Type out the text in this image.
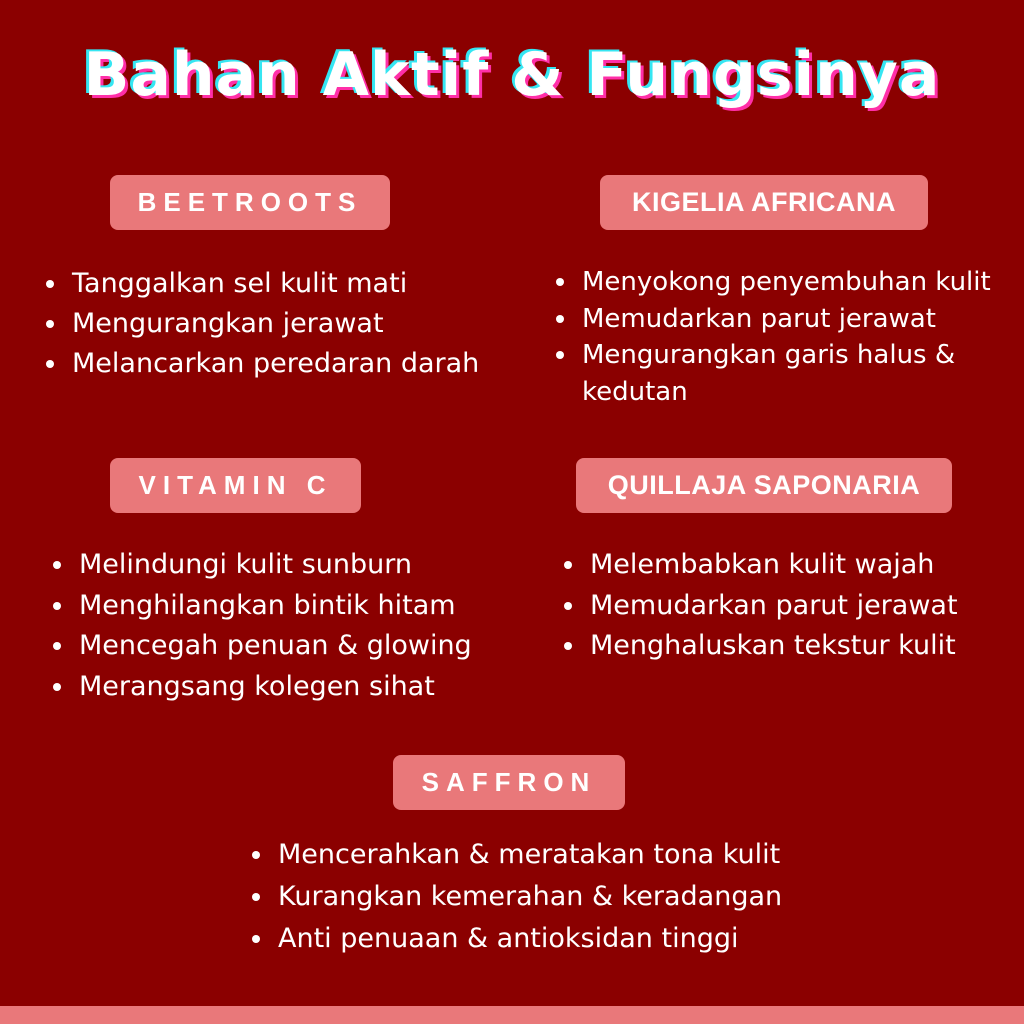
Bahan Aktif & Fungsinya
BEETROOTS
Tanggalkan sel kulit mati
Mengurangkan jerawat
Melancarkan peredaran darah
KIGELIA AFRICANA
Menyokong penyembuhan kulit
Memudarkan parut jerawat
Mengurangkan garis halus &
kedutan
VITAMIN C
Melindungi kulit sunburn
Menghilangkan bintik hitam
Mencegah penuan & glowing
Merangsang kolegen sihat
QUILLAJA SAPONARIA
Melembabkan kulit wajah
Memudarkan parut jerawat
Menghaluskan tekstur kulit
SAFFRON
Mencerahkan & meratakan tona kulit
Kurangkan kemerahan & keradangan
Anti penuaan & antioksidan tinggi
